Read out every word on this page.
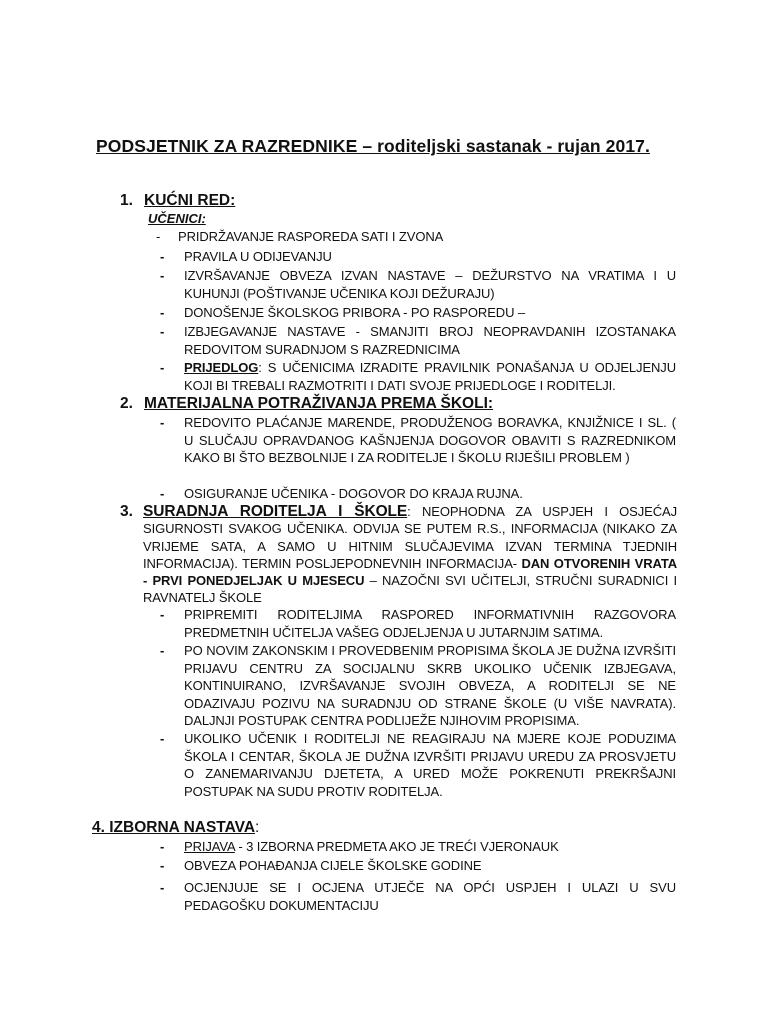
PODSJETNIK ZA RAZREDNIKE – roditeljski sastanak - rujan 2017.
1. KUĆNI RED:
UČENICI:
- PRIDRŽAVANJE RASPOREDA SATI I ZVONA
- PRAVILA U ODIJEVANJU
- IZVRŠAVANJE OBVEZA IZVAN NASTAVE – DEŽURSTVO NA VRATIMA I U KUHUNJI (POŠTIVANJE UČENIKA KOJI DEŽURAJU)
- DONOŠENJE ŠKOLSKOG PRIBORA - PO RASPOREDU –
- IZBJEGAVANJE NASTAVE - SMANJITI BROJ NEOPRAVDANIH IZOSTANAKA REDOVITOM SURADNJOM S RAZREDNICIMA
- PRIJEDLOG: S UČENICIMA IZRADITE PRAVILNIK PONAŠANJA U ODJELJENJU KOJI BI TREBALI RAZMOTRITI I DATI SVOJE PRIJEDLOGE I RODITELJI.
2. MATERIJALNA POTRAŽIVANJA PREMA ŠKOLI:
- REDOVITO PLAĆANJE MARENDE, PRODUŽENOG BORAVKA, KNJIŽNICE I SL. ( U SLUČAJU OPRAVDANOG KAŠNJENJA DOGOVOR OBAVITI S RAZREDNIKOM KAKO BI ŠTO BEZBOLNIJE I ZA RODITELJE I ŠKOLU RIJEŠILI PROBLEM )
- OSIGURANJE UČENIKA - DOGOVOR DO KRAJA RUJNA.
3. SURADNJA RODITELJA I ŠKOLE: NEOPHODNA ZA USPJEH I OSJEĆAJ SIGURNOSTI SVAKOG UČENIKA. ODVIJA SE PUTEM R.S., INFORMACIJA (NIKAKO ZA VRIJEME SATA, A SAMO U HITNIM SLUČAJEVIMA IZVAN TERMINA TJEDNIH INFORMACIJA). TERMIN POSLJEPODNEVNIH INFORMACIJA- DAN OTVORENIH VRATA - PRVI PONEDJELJAK U MJESECU – NAZOČNI SVI UČITELJI, STRUČNI SURADNICI I RAVNATELJ ŠKOLE
- PRIPREMITI RODITELJIMA RASPORED INFORMATIVNIH RAZGOVORA PREDMETNIH UČITELJA VAŠEG ODJELJENJA U JUTARNJIM SATIMA.
- PO NOVIM ZAKONSKIM I PROVEDBENIM PROPISIMA ŠKOLA JE DUŽNA IZVRŠITI PRIJAVU CENTRU ZA SOCIJALNU SKRB UKOLIKO UČENIK IZBJEGAVA, KONTINUIRANO, IZVRŠAVANJE SVOJIH OBVEZA, A RODITELJI SE NE ODAZIVAJU POZIVU NA SURADNJU OD STRANE ŠKOLE (U VIŠE NAVRATA). DALJNJI POSTUPAK CENTRA PODLIJEŽE NJIHOVIM PROPISIMA.
- UKOLIKO UČENIK I RODITELJI NE REAGIRAJU NA MJERE KOJE PODUZIMA ŠKOLA I CENTAR, ŠKOLA JE DUŽNA IZVRŠITI PRIJAVU UREDU ZA PROSVJETU O ZANEMARIVANJU DJETETA, A URED MOŽE POKRENUTI PREKRŠAJNI POSTUPAK NA SUDU PROTIV RODITELJA.
4. IZBORNA NASTAVA:
- PRIJAVA - 3 IZBORNA PREDMETA AKO JE TREĆI VJERONAUK
- OBVEZA POHAĐANJA CIJELE ŠKOLSKE GODINE
- OCJENJUJE SE I OCJENA UTJEČE NA OPĆI USPJEH I ULAZI U SVU PEDAGOŠKU DOKUMENTACIJU
